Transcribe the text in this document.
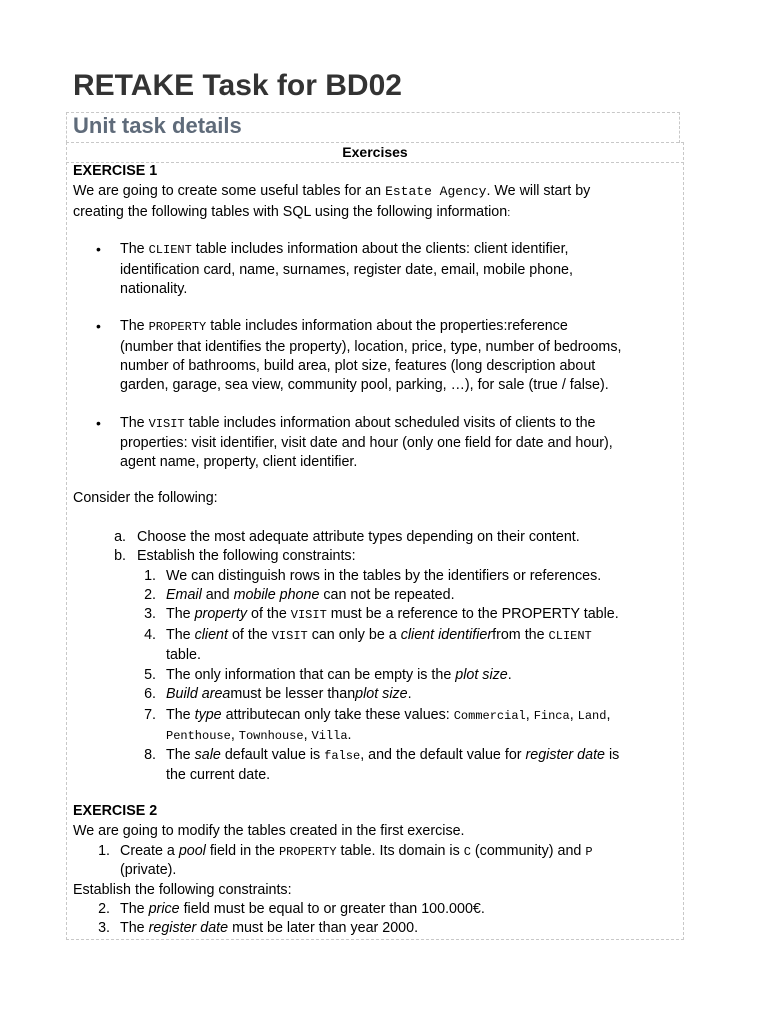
RETAKE Task for BD02
Unit task details
Exercises
EXERCISE 1
We are going to create some useful tables for an Estate Agency. We will start by
creating the following tables with SQL using the following information:
• The CLIENT table includes information about the clients: client identifier,
identification card, name, surnames, register date, email, mobile phone,
nationality.
• The PROPERTY table includes information about the properties:reference
(number that identifies the property), location, price, type, number of bedrooms,
number of bathrooms, build area, plot size, features (long description about
garden, garage, sea view, community pool, parking, …), for sale (true / false).
• The VISIT table includes information about scheduled visits of clients to the
properties: visit identifier, visit date and hour (only one field for date and hour),
agent name, property, client identifier.
Consider the following:
a. Choose the most adequate attribute types depending on their content.
b. Establish the following constraints:
1. We can distinguish rows in the tables by the identifiers or references.
2. Email and mobile phone can not be repeated.
3. The property of the VISIT must be a reference to the PROPERTY table.
4. The client of the VISIT can only be a client identifierfrom the CLIENT
table.
5. The only information that can be empty is the plot size.
6. Build areamust be lesser thanplot size.
7. The type attributecan only take these values: Commercial, Finca, Land,
Penthouse, Townhouse, Villa.
8. The sale default value is false, and the default value for register date is
the current date.
EXERCISE 2
We are going to modify the tables created in the first exercise.
1. Create a pool field in the PROPERTY table. Its domain is C (community) and P
(private).
Establish the following constraints:
2. The price field must be equal to or greater than 100.000€.
3. The register date must be later than year 2000.
